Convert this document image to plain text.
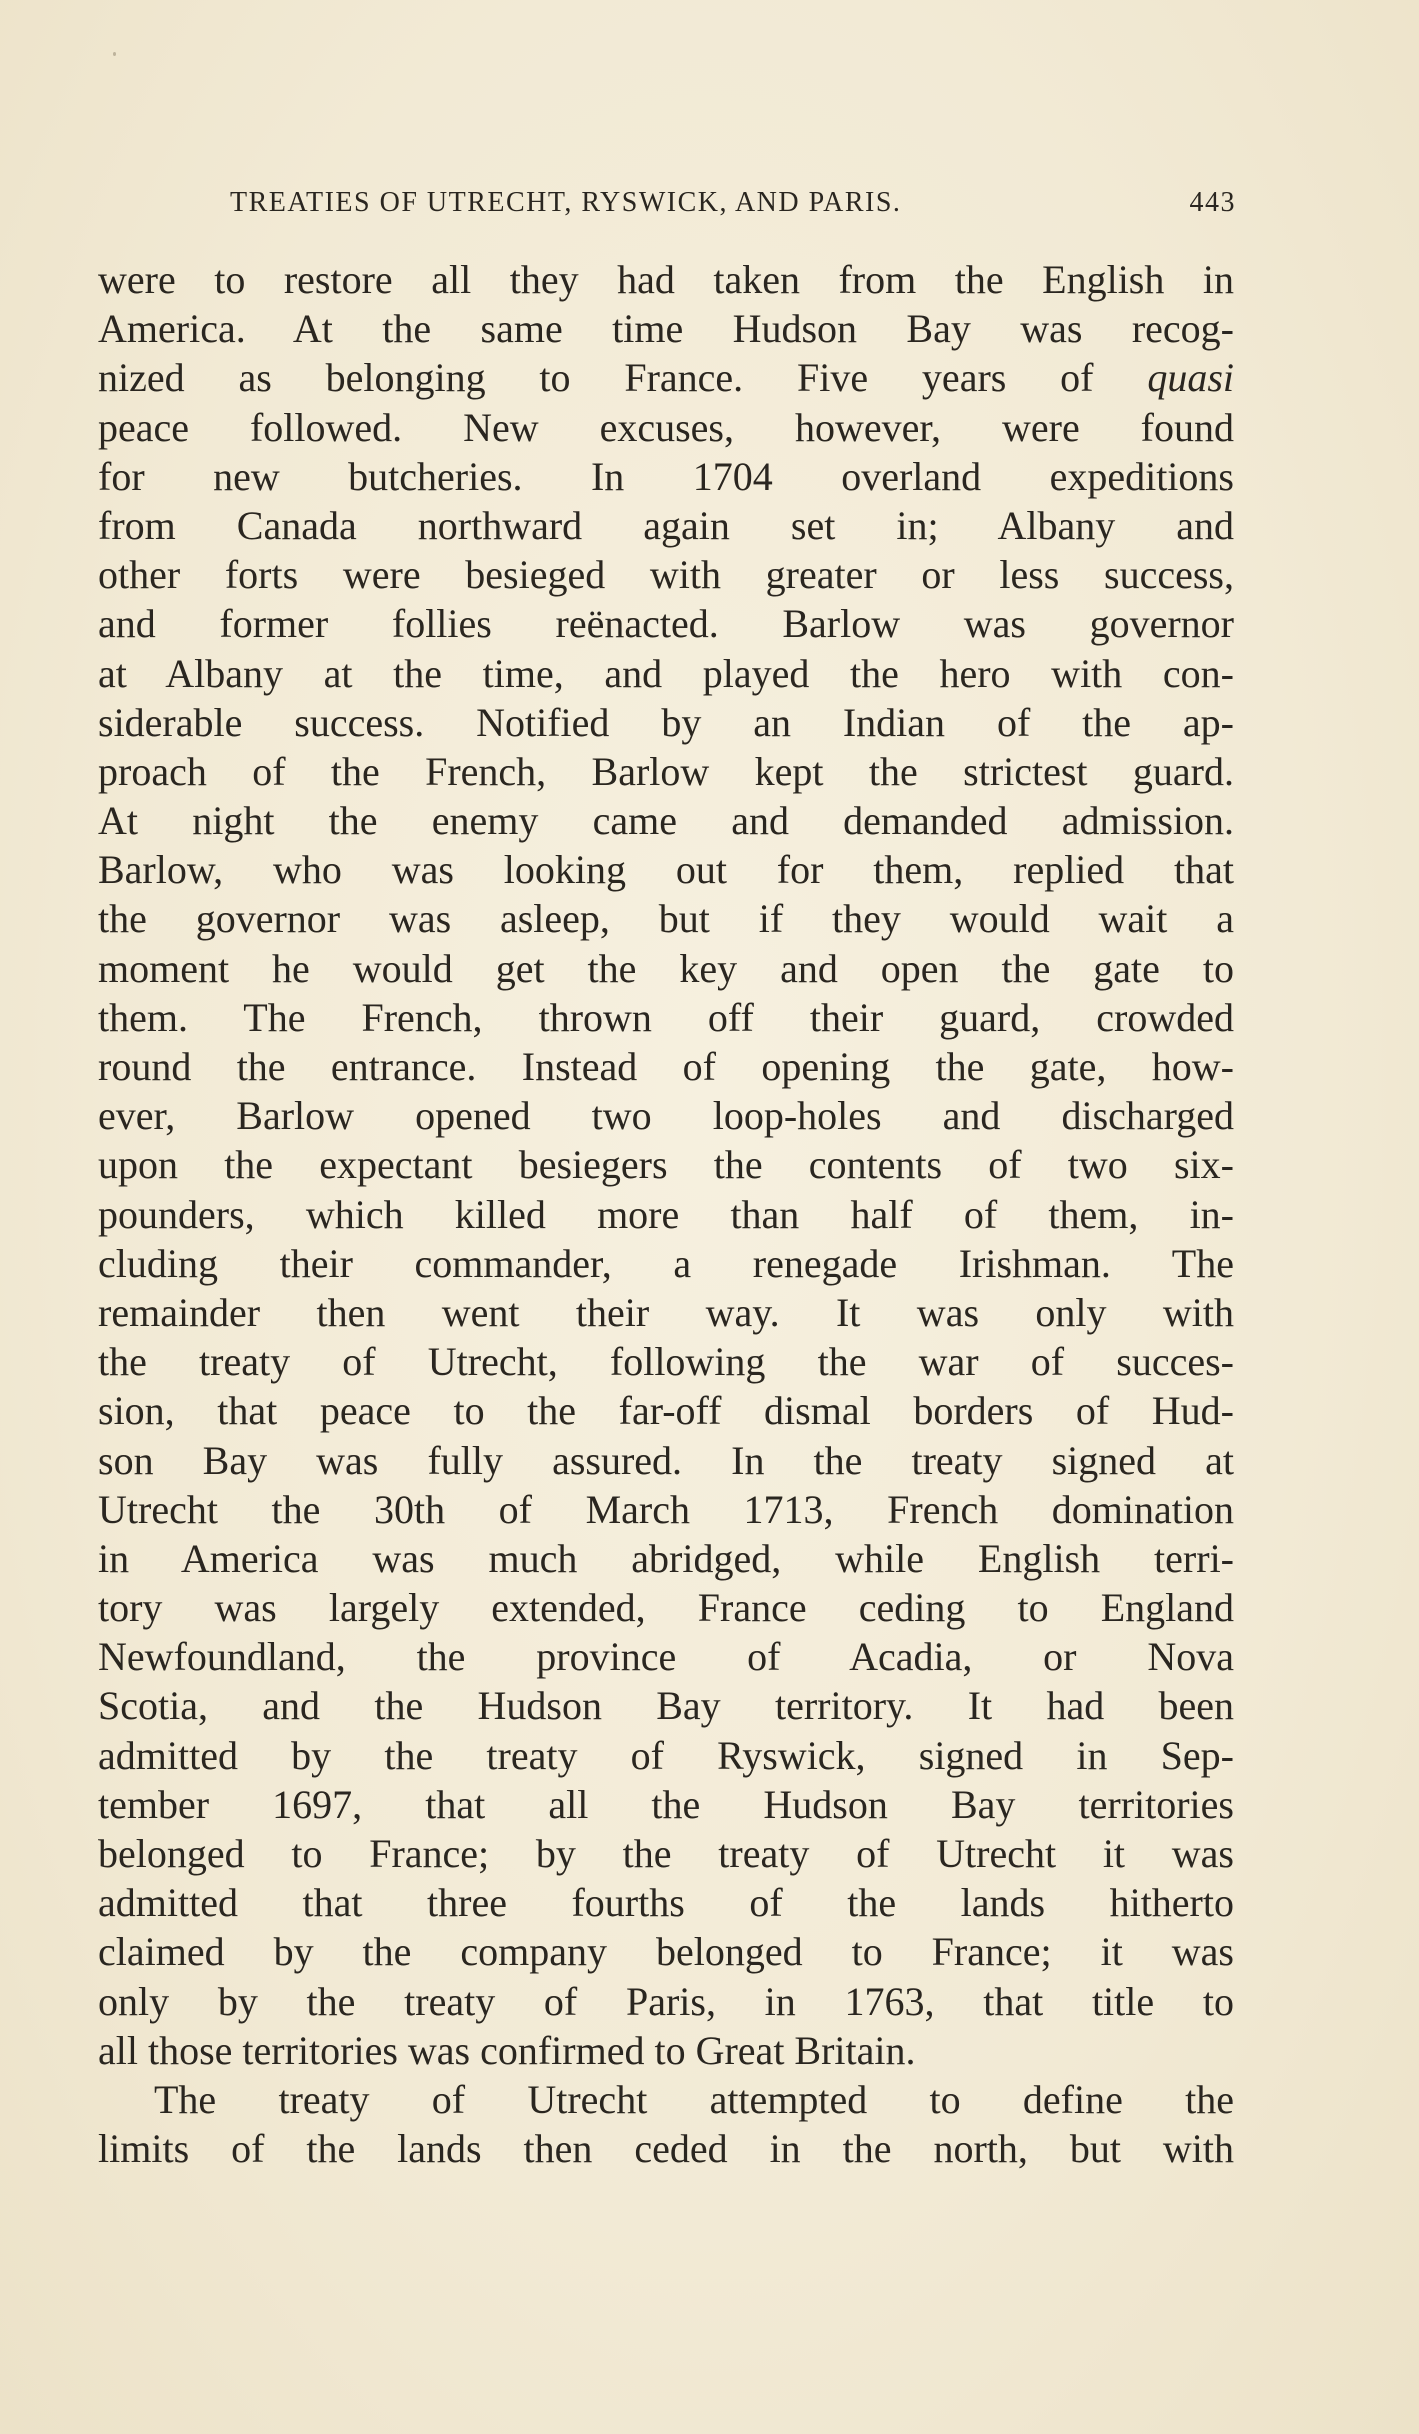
TREATIES OF UTRECHT, RYSWICK, AND PARIS.	443
were to restore all they had taken from the English in
America. At the same time Hudson Bay was recog-
nized as belonging to France. Five years of quasi
peace followed. New excuses, however, were found
for new butcheries. In 1704 overland expeditions
from Canada northward again set in; Albany and
other forts were besieged with greater or less success,
and former follies reënacted. Barlow was governor
at Albany at the time, and played the hero with con-
siderable success. Notified by an Indian of the ap-
proach of the French, Barlow kept the strictest guard.
At night the enemy came and demanded admission.
Barlow, who was looking out for them, replied that
the governor was asleep, but if they would wait a
moment he would get the key and open the gate to
them. The French, thrown off their guard, crowded
round the entrance. Instead of opening the gate, how-
ever, Barlow opened two loop-holes and discharged
upon the expectant besiegers the contents of two six-
pounders, which killed more than half of them, in-
cluding their commander, a renegade Irishman. The
remainder then went their way. It was only with
the treaty of Utrecht, following the war of succes-
sion, that peace to the far-off dismal borders of Hud-
son Bay was fully assured. In the treaty signed at
Utrecht the 30th of March 1713, French domination
in America was much abridged, while English terri-
tory was largely extended, France ceding to England
Newfoundland, the province of Acadia, or Nova
Scotia, and the Hudson Bay territory. It had been
admitted by the treaty of Ryswick, signed in Sep-
tember 1697, that all the Hudson Bay territories
belonged to France; by the treaty of Utrecht it was
admitted that three fourths of the lands hitherto
claimed by the company belonged to France; it was
only by the treaty of Paris, in 1763, that title to
all those territories was confirmed to Great Britain.
The treaty of Utrecht attempted to define the
limits of the lands then ceded in the north, but with
